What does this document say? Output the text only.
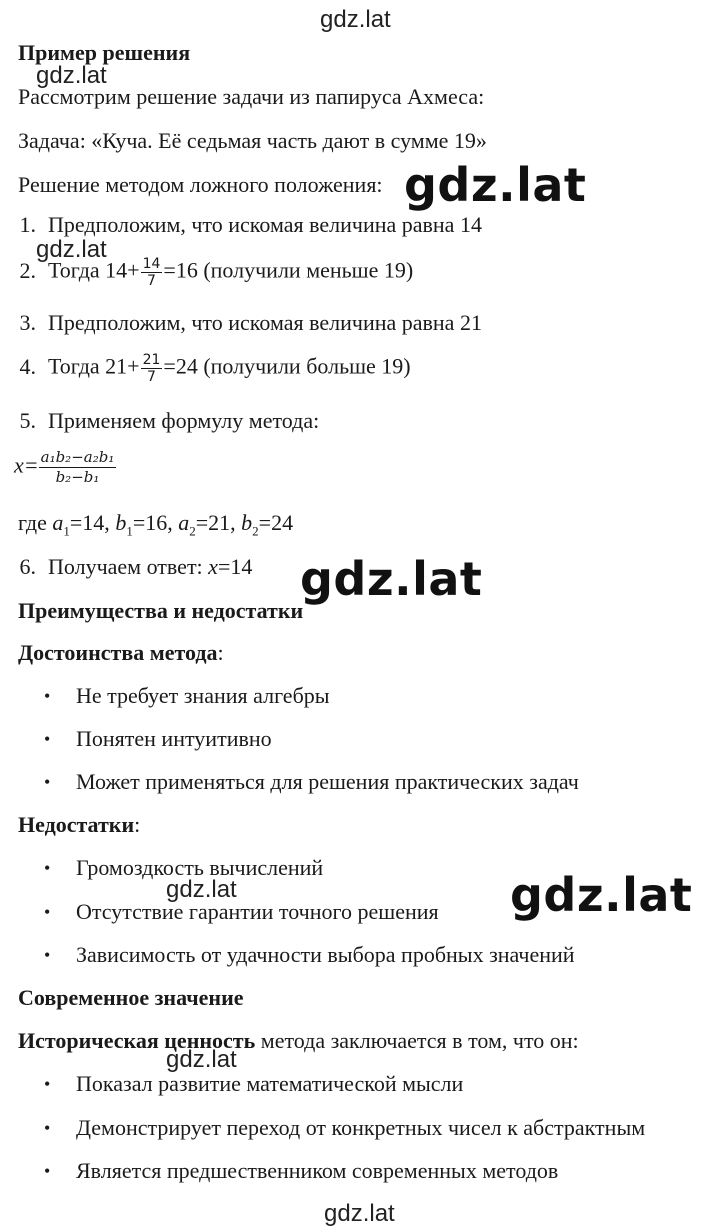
gdz.lat
Пример решения
Рассмотрим решение задачи из папируса Ахмеса:
Задача: «Куча. Её седьмая часть дают в сумме 19»
Решение методом ложного положения:
1. Предположим, что искомая величина равна 14
2. Тогда $14+ \frac{14}{7} =16$ (получили меньше 19)
3. Предположим, что искомая величина равна 21
4. Тогда $21+ \frac{21}{7} =24$ (получили больше 19)
5. Применяем формулу метода:
$x= \frac{\text{a₁b₂−a₂b₁}}{\text{b₂−b₁}}$
где $a_1=14$, $b_1=16$, $a_2=21$, $b_2=24$
6. Получаем ответ: x=14
Преимущества и недостатки
Достоинства метода:
• Не требует знания алгебры
• Понятен интуитивно
• Может применяться для решения практических задач
Недостатки:
• Громоздкость вычислений
• Отсутствие гарантии точного решения
• Зависимость от удачности выбора пробных значений
Современное значение
Историческая ценность метода заключается в том, что он:
• Показал развитие математической мысли
• Демонстрирует переход от конкретных чисел к абстрактным
• Является предшественником современных методов
gdz.lat
gdz.lat
gdz.lat
gdz.lat
gdz.lat	gdz.lat
gdz.lat
gdz.lat
